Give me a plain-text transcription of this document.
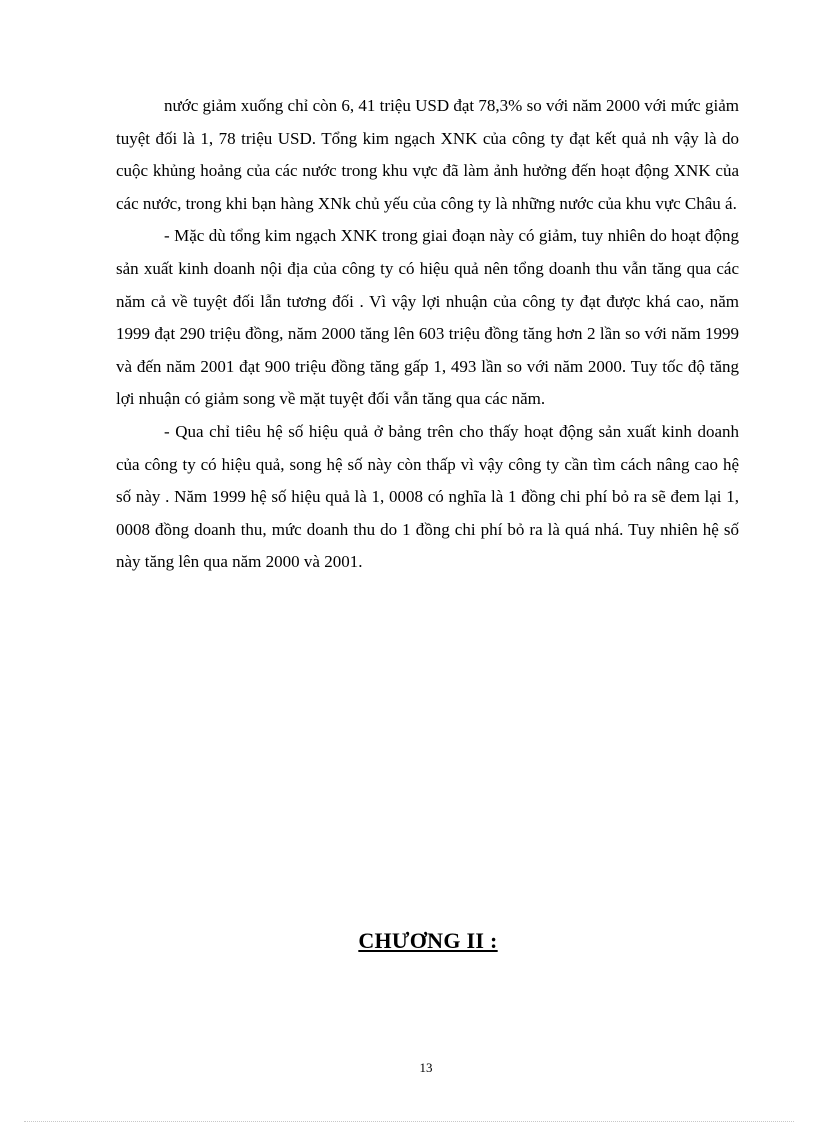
nước giảm xuống chỉ còn 6, 41 triệu USD đạt 78,3% so với năm 2000 với mức giảm tuyệt đối là 1, 78 triệu USD. Tổng kim ngạch XNK của công ty đạt kết quả nh vậy là do cuộc khủng hoảng của các nước trong khu vực đã làm ảnh hưởng đến hoạt động XNK của các nước, trong khi bạn hàng XNk chủ yếu của công ty là những nước của khu vực Châu á.

- Mặc dù tổng kim ngạch XNK trong giai đoạn này có giảm, tuy nhiên do hoạt động sản xuất kinh doanh nội địa của công ty có hiệu quả nên tổng doanh thu vẫn tăng qua các năm cả về tuyệt đối lẫn tương đối . Vì vậy lợi nhuận của công ty đạt được khá cao, năm 1999 đạt 290 triệu đồng, năm 2000 tăng lên 603 triệu đồng tăng hơn 2 lần so với năm 1999 và đến năm 2001 đạt 900 triệu đồng tăng gấp 1, 493 lần so với năm 2000. Tuy tốc độ tăng lợi nhuận có giảm song về mặt tuyệt đối vẫn tăng qua các năm.

- Qua chỉ tiêu hệ số hiệu quả ở bảng trên cho thấy hoạt động sản xuất kinh doanh của công ty có hiệu quả, song hệ số này còn thấp vì vậy công ty cần tìm cách nâng cao hệ số này . Năm 1999 hệ số hiệu quả là 1, 0008 có nghĩa là 1 đồng chi phí bỏ ra sẽ đem lại 1, 0008 đồng doanh thu, mức doanh thu do 1 đồng chi phí bỏ ra là quá nhá. Tuy nhiên hệ số này tăng lên qua năm 2000 và 2001.

CHƯƠNG II :

13
